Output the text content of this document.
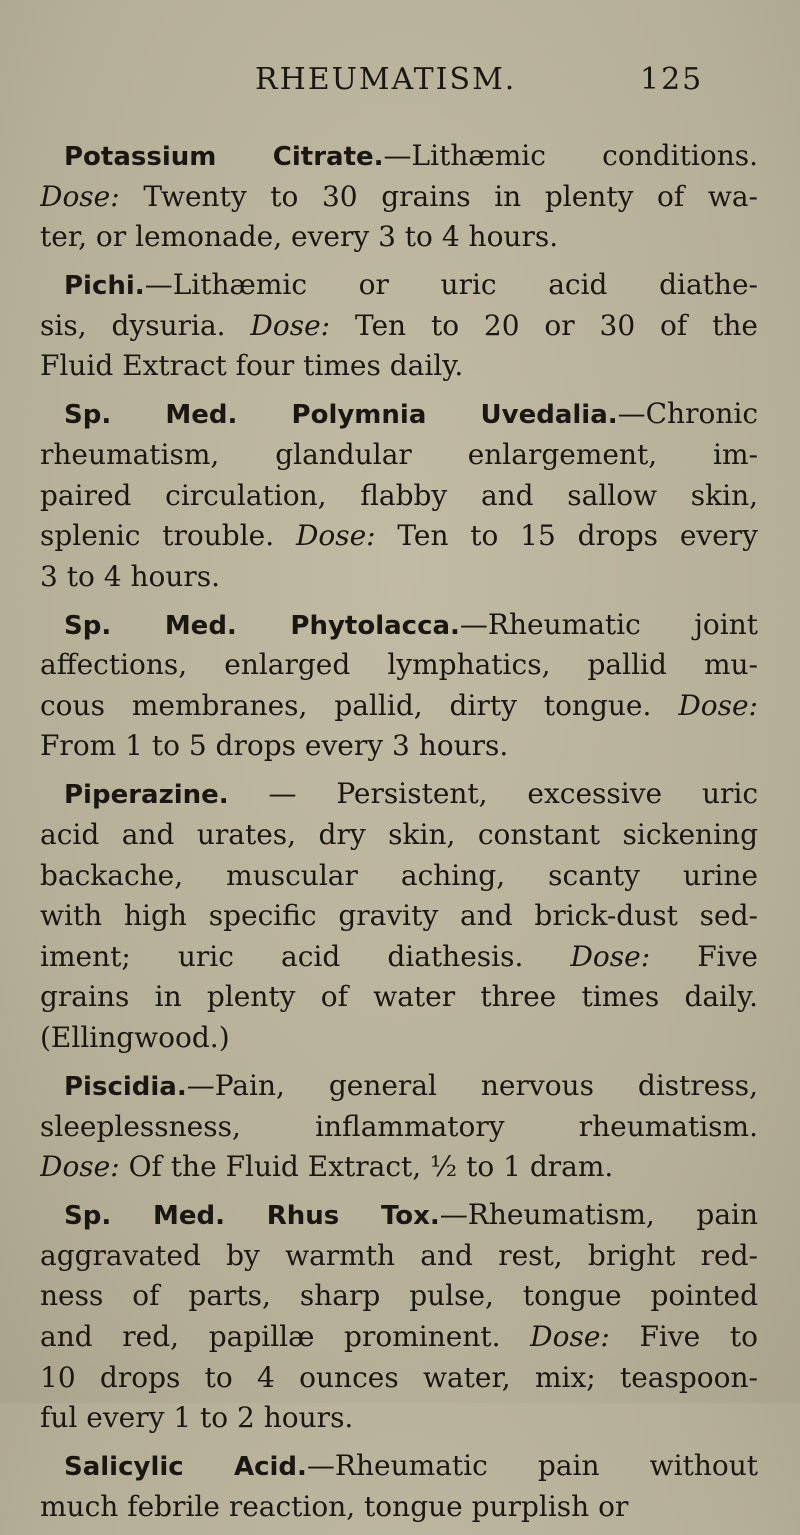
RHEUMATISM.	125
Potassium Citrate.—Lithæmic conditions.
Dose: Twenty to 30 grains in plenty of wa-
ter, or lemonade, every 3 to 4 hours.
Pichi.—Lithæmic or uric acid diathe-
sis, dysuria. Dose: Ten to 20 or 30 of the
Fluid Extract four times daily.
Sp. Med. Polymnia Uvedalia.—Chronic
rheumatism, glandular enlargement, im-
paired circulation, flabby and sallow skin,
splenic trouble. Dose: Ten to 15 drops every
3 to 4 hours.
Sp. Med. Phytolacca.—Rheumatic joint
affections, enlarged lymphatics, pallid mu-
cous membranes, pallid, dirty tongue. Dose:
From 1 to 5 drops every 3 hours.
Piperazine. — Persistent, excessive uric
acid and urates, dry skin, constant sickening
backache, muscular aching, scanty urine
with high specific gravity and brick-dust sed-
iment; uric acid diathesis. Dose: Five
grains in plenty of water three times daily.
(Ellingwood.)
Piscidia.—Pain, general nervous distress,
sleeplessness, inflammatory rheumatism.
Dose: Of the Fluid Extract, ½ to 1 dram.
Sp. Med. Rhus Tox.—Rheumatism, pain
aggravated by warmth and rest, bright red-
ness of parts, sharp pulse, tongue pointed
and red, papillæ prominent. Dose: Five to
10 drops to 4 ounces water, mix; teaspoon-
ful every 1 to 2 hours.
Salicylic Acid.—Rheumatic pain without
much febrile reaction, tongue purplish or
